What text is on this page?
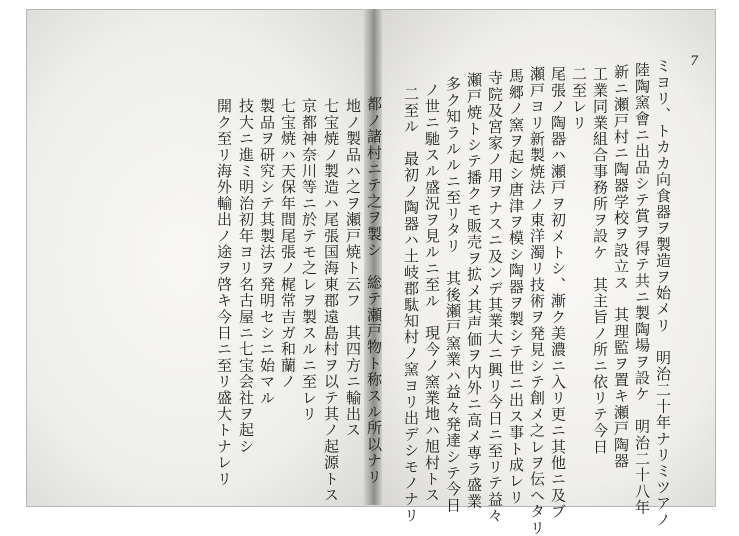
7
ミヨリ、トカカ向食器ヲ製造ヲ始メリ　明治二十年ナリミツアノ
陸陶窯會ニ出品シテ賞ヲ得テ共ニ製陶場ヲ設ケ　明治二十八年
新ニ瀬戸村ニ陶器学校ヲ設立ス　其理監ヲ置キ瀬戸陶器
工業同業組合事務所ヲ設ケ　其主旨ノ所ニ依リテ今日
二至レリ
尾張ノ陶器ハ瀬戸ヲ初メトシ、漸ク美濃ニ入リ更ニ其他ニ及ブ
瀬戸ヨリ新製焼法ノ東洋濁リ技術ヲ発見シテ創メ之レヲ伝ヘタリ
馬郷ノ窯ヲ起シ唐津ヲ模シ陶器ヲ製シテ世ニ出ス事ト成レリ
寺院及宮家ノ用ヲナスニ及ンデ其業大ニ興リ今日ニ至リテ益々
瀬戸焼トシテ播クモ販売ヲ拡メ其声価ヲ内外ニ高メ専ラ盛業
多ク知ラルルニ至リタリ　其後瀬戸窯業ハ益々発達シテ今日
ノ世ニ馳スル盛況ヲ見ルニ至ル　現今ノ窯業地ハ旭村トス
二至ル　最初ノ陶器ハ土岐郡駄知村ノ窯ヨリ出デシモノナリ
都ノ諸村ニテ之ヲ製シ　総テ瀬戸物ト称スル所以ナリ
地ノ製品ハ之ヲ瀬戸焼ト云フ　其四方ニ輸出ス
七宝焼ノ製造ハ尾張国海東郡遠島村ヲ以テ其ノ起源トス
京都神奈川等ニ於テモ之レヲ製スルニ至レリ
七宝焼ハ天保年間尾張ノ梶常吉ガ和蘭ノ
製品ヲ研究シテ其製法ヲ発明セシニ始マル
技大ニ進ミ明治初年ヨリ名古屋ニ七宝会社ヲ起シ
開ク至リ海外輸出ノ途ヲ啓キ今日ニ至リ盛大トナレリ
